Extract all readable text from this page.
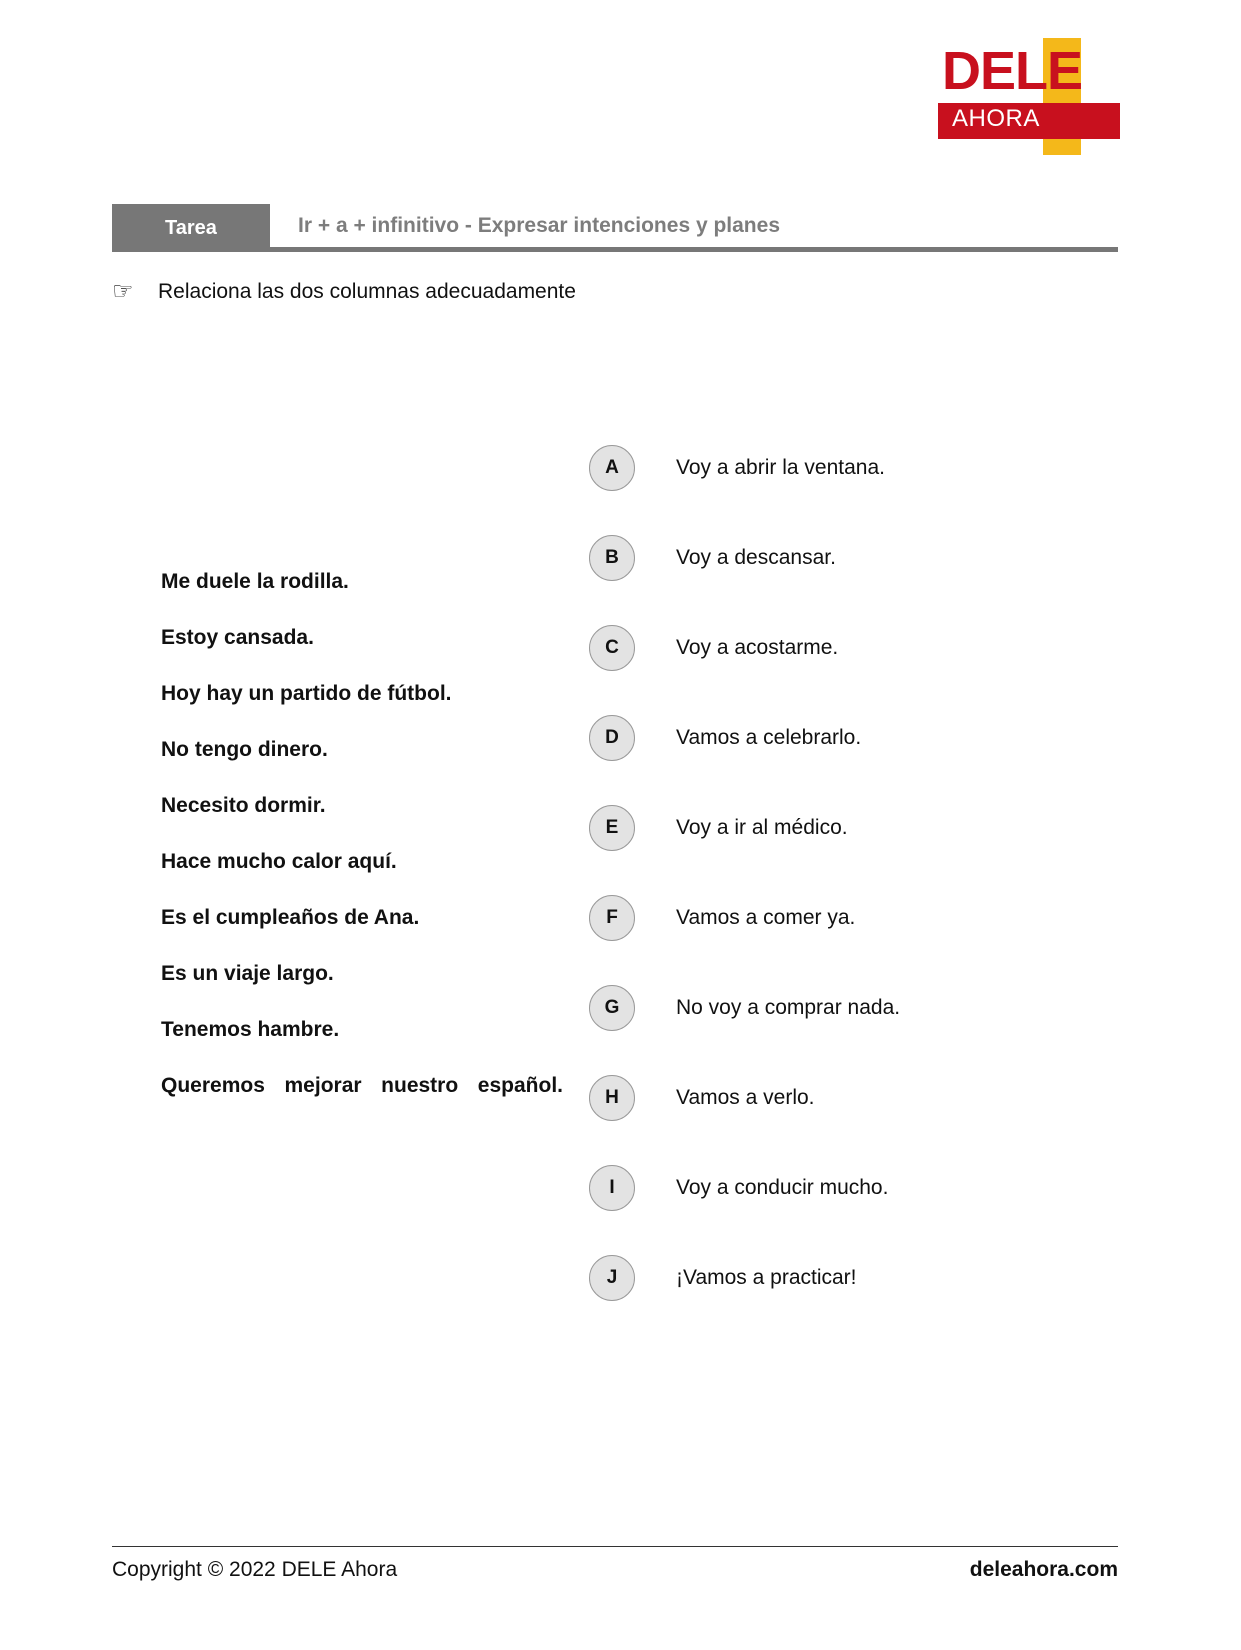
DELE
AHORA
Tarea	Ir + a + infinitivo - Expresar intenciones y planes
☞	Relaciona las dos columnas adecuadamente
Me duele la rodilla.
Estoy cansada.
Hoy hay un partido de fútbol.
No tengo dinero.
Necesito dormir.
Hace mucho calor aquí.
Es el cumpleaños de Ana.
Es un viaje largo.
Tenemos hambre.
Queremos mejorar nuestro español.
A	Voy a abrir la ventana.
B	Voy a descansar.
C	Voy a acostarme.
D	Vamos a celebrarlo.
E	Voy a ir al médico.
F	Vamos a comer ya.
G	No voy a comprar nada.
H	Vamos a verlo.
I	Voy a conducir mucho.
J	¡Vamos a practicar!
Copyright © 2022 DELE Ahora	deleahora.com
